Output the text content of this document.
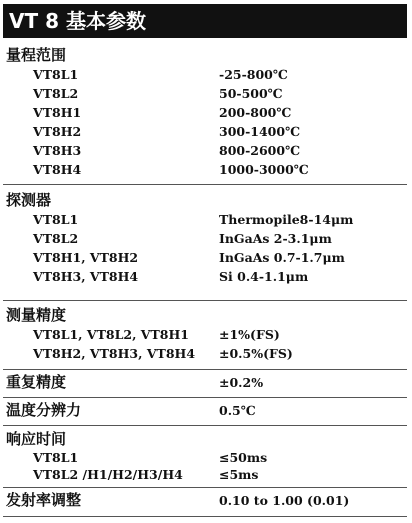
VT 8 基本参数
量程范围
VT8L1	-25-800℃
VT8L2	50-500℃
VT8H1	200-800℃
VT8H2	300-1400℃
VT8H3	800-2600℃
VT8H4	1000-3000℃
探测器
VT8L1	Thermopile8-14μm
VT8L2	InGaAs 2-3.1μm
VT8H1, VT8H2	InGaAs 0.7-1.7μm
VT8H3, VT8H4	Si 0.4-1.1μm
测量精度
VT8L1, VT8L2, VT8H1 ±1%(FS)
VT8H2, VT8H3, VT8H4 ±0.5%(FS)
重复精度	±0.2%
温度分辨力	0.5℃
响应时间
VT8L1	≤50ms
VT8L2 /H1/H2/H3/H4	≤5ms
发射率调整	0.10 to 1.00 (0.01)
